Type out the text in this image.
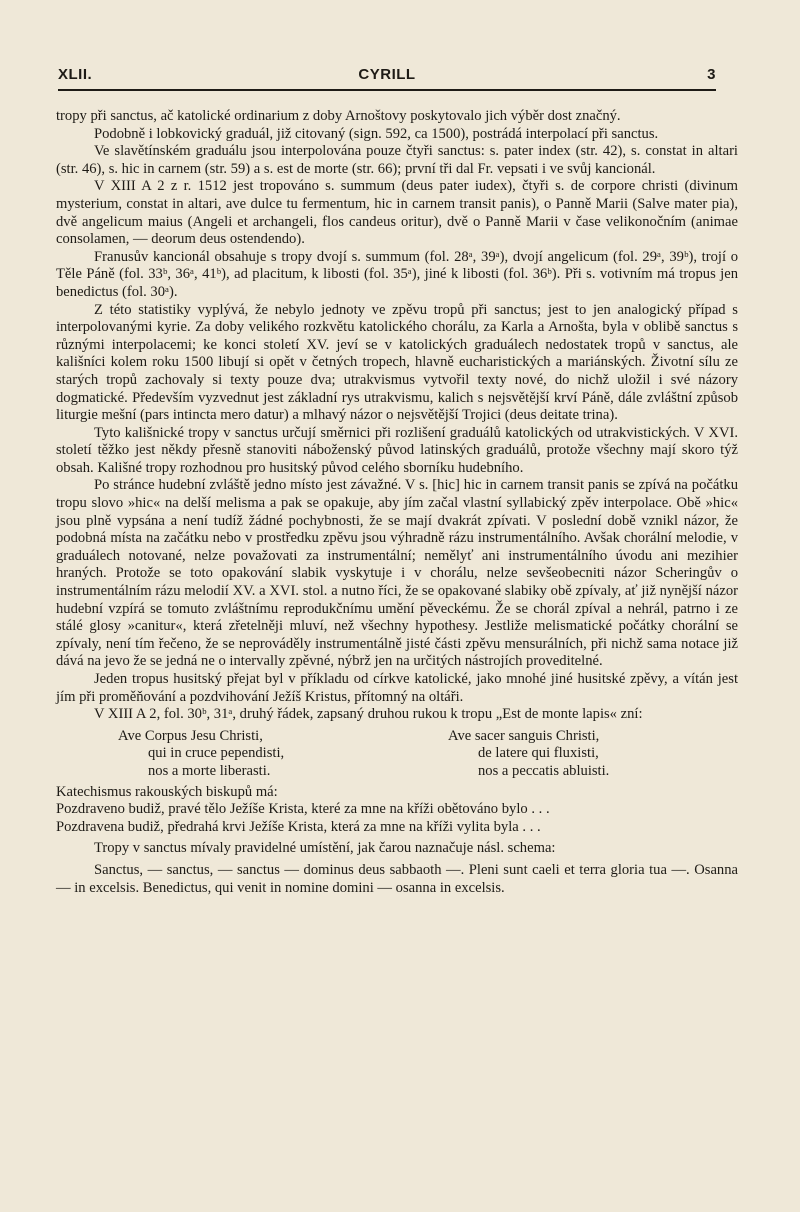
XLII.	CYRILL	3

tropy při sanctus, ač katolické ordinarium z doby Arnoštovy poskytovalo jich výběr dost značný.

Podobně i lobkovický graduál, již citovaný (sign. 592, ca 1500), postrádá interpolací při sanctus.

Ve slavětínském graduálu jsou interpolována pouze čtyři sanctus: s. pater index (str. 42), s. constat in altari (str. 46), s. hic in carnem (str. 59) a s. est de morte (str. 66); první tři dal Fr. vepsati i ve svůj kancionál.

V XIII A 2 z r. 1512 jest tropováno s. summum (deus pater iudex), čtyři s. de corpore christi (divinum mysterium, constat in altari, ave dulce tu fermentum, hic in carnem transit panis), o Panně Marii (Salve mater pia), dvě angelicum maius (Angeli et archangeli, flos candeus oritur), dvě o Panně Marii v čase velikonočním (animae consolamen, — deorum deus ostendendo).

Franusův kancionál obsahuje s tropy dvojí s. summum (fol. 28ᵃ, 39ᵃ), dvojí angelicum (fol. 29ᵃ, 39ᵇ), trojí o Těle Páně (fol. 33ᵇ, 36ᵃ, 41ᵇ), ad placitum, k libosti (fol. 35ᵃ), jiné k libosti (fol. 36ᵇ). Při s. votivním má tropus jen benedictus (fol. 30ᵃ).

Z této statistiky vyplývá, že nebylo jednoty ve zpěvu tropů při sanctus; jest to jen analogický případ s interpolovanými kyrie. Za doby velikého rozkvětu katolického chorálu, za Karla a Arnošta, byla v oblibě sanctus s různými interpolacemi; ke konci století XV. jeví se v katolických graduálech nedostatek tropů v sanctus, ale kališníci kolem roku 1500 libují si opět v četných tropech, hlavně eucharistických a mariánských. Životní sílu ze starých tropů zachovaly si texty pouze dva; utrakvismus vytvořil texty nové, do nichž uložil i své názory dogmatické. Především vyzvednut jest základní rys utrakvismu, kalich s nejsvětější krví Páně, dále zvláštní způsob liturgie mešní (pars intincta mero datur) a mlhavý názor o nejsvětější Trojici (deus deitate trina).

Tyto kališnické tropy v sanctus určují směrnici při rozlišení graduálů katolických od utrakvistických. V XVI. století těžko jest někdy přesně stanoviti náboženský původ latinských graduálů, protože všechny mají skoro týž obsah. Kališné tropy rozhodnou pro husitský původ celého sborníku hudebního.

Po stránce hudební zvláště jedno místo jest závažné. V s. [hic] hic in carnem transit panis se zpívá na počátku tropu slovo »hic« na delší melisma a pak se opakuje, aby jím začal vlastní syllabický zpěv interpolace. Obě »hic« jsou plně vypsána a není tudíž žádné pochybnosti, že se mají dvakrát zpívati. V poslední době vznikl názor, že podobná místa na začátku nebo v prostředku zpěvu jsou výhradně rázu instrumentálního. Avšak chorální melodie, v graduálech notované, nelze považovati za instrumentální; nemělyť ani instrumentálního úvodu ani mezihier hraných. Protože se toto opakování slabik vyskytuje i v chorálu, nelze sevšeobecniti názor Scheringův o instrumentálním rázu melodií XV. a XVI. stol. a nutno říci, že se opakované slabiky obě zpívaly, ať již nynější názor hudební vzpírá se tomuto zvláštnímu reprodukčnímu umění pěveckému. Že se chorál zpíval a nehrál, patrno i ze stálé glosy »canitur«, která zřetelněji mluví, než všechny hypothesy. Jestliže melismatické počátky chorální se zpívaly, není tím řečeno, že se neprováděly instrumentálně jisté části zpěvu mensurálních, při nichž sama notace již dává na jevo že se jedná ne o intervally zpěvné, nýbrž jen na určitých nástrojích proveditelné.

Jeden tropus husitský přejat byl v příkladu od církve katolické, jako mnohé jiné husitské zpěvy, a vítán jest jím při proměňování a pozdvihování Ježíš Kristus, přítomný na oltáři.

V XIII A 2, fol. 30ᵇ, 31ᵃ, druhý řádek, zapsaný druhou rukou k tropu „Est de monte lapis« zní:

Ave Corpus Jesu Christi,
qui in cruce pependisti,
nos a morte liberasti.
Ave sacer sanguis Christi,
de latere qui fluxisti,
nos a peccatis abluisti.

Katechismus rakouských biskupů má:

Pozdraveno budiž, pravé tělo Ježíše Krista, které za mne na kříži obětováno bylo . . .

Pozdravena budiž, předrahá krvi Ježíše Krista, která za mne na kříži vylita byla . . .

Tropy v sanctus mívaly pravidelné umístění, jak čarou naznačuje násl. schema:

Sanctus, — sanctus, — sanctus — dominus deus sabbaoth —. Pleni sunt caeli et terra gloria tua —. Osanna — in excelsis. Benedictus, qui venit in nomine domini — osanna in excelsis.
